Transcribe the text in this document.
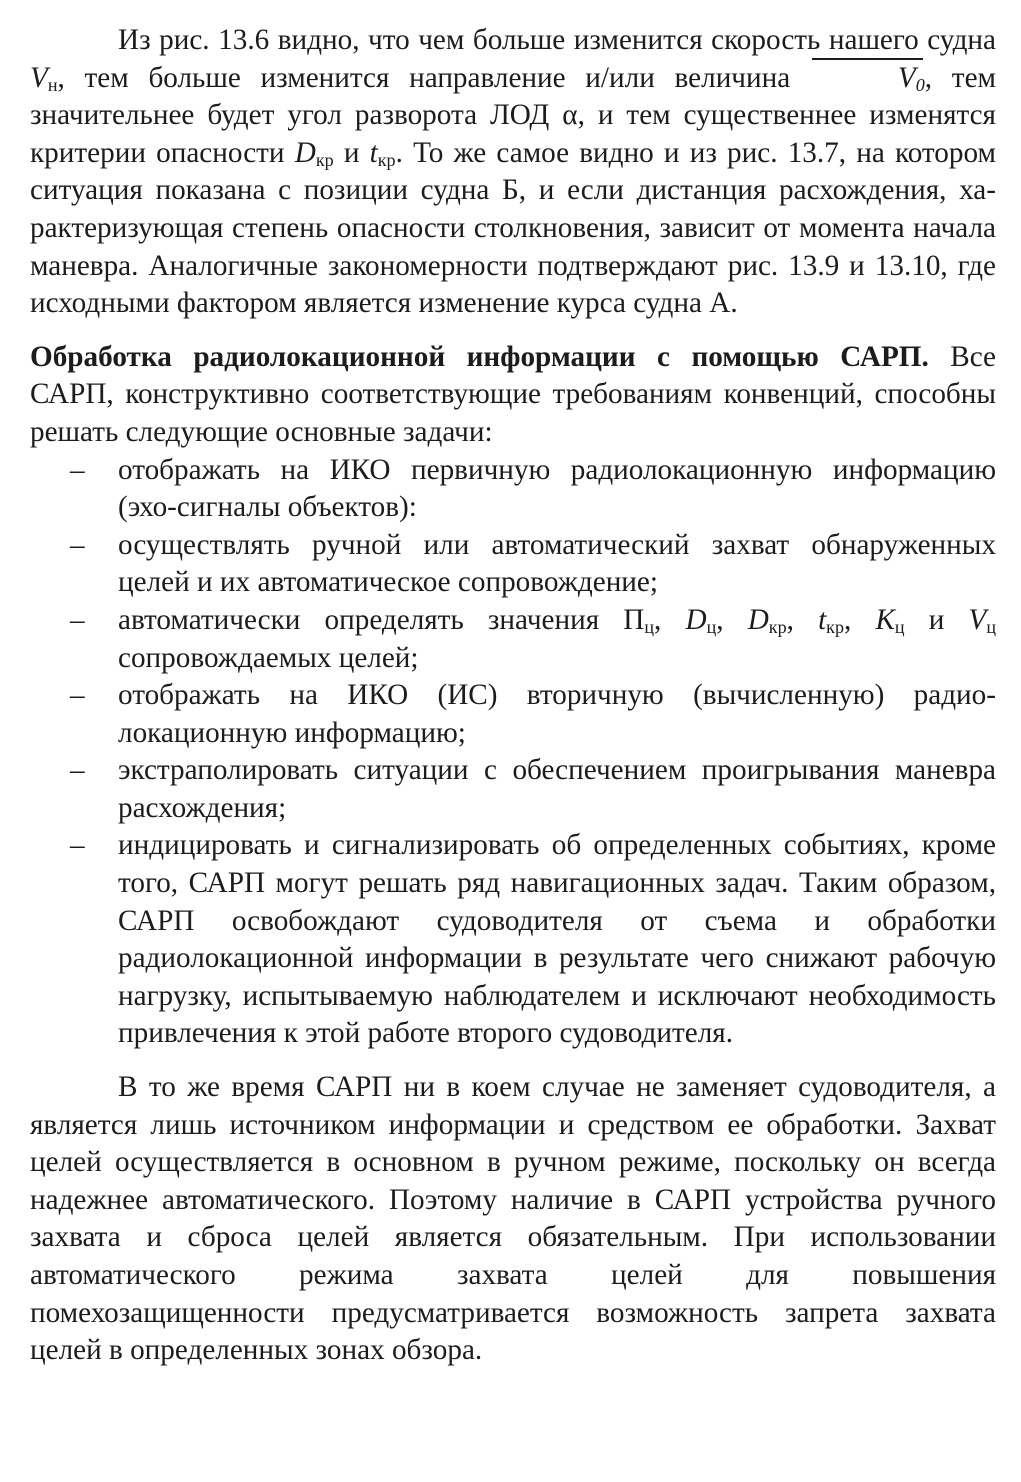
Из рис. 13.6 видно, что чем больше изменится скорость нашего судна $V_н$, тем больше изменится направление и/или величина	$V_0$, тем значительнее будет угол разворота ЛОД α, и тем существеннее изменятся критерии опасности $D_{кр}$ и $t_{кр}$. То же самое видно и из рис. 13.7, на котором ситуация показана с позиции судна Б, и если дистанция расхождения, характеризующая степень опасности столкновения, зависит от момента начала маневра. Аналогичные закономерности подтверждают рис. 13.9 и 13.10, где исходными фактором является изменение курса судна А.

Обработка радиолокационной информации с помощью САРП. Все САРП, конструктивно соответствующие требованиям конвенций, способны решать следующие основные задачи:

– отображать на ИКО первичную радиолокационную информацию (эхо-сигналы объектов):
– осуществлять ручной или автоматический захват обнаруженных целей и их автоматическое сопровождение;
– автоматически определять значения $П_ц$, $D_ц$, $D_{кр}$, $t_{кр}$, $K_ц$ и $V_ц$ сопровождаемых целей;
– отображать на ИКО (ИС) вторичную (вычисленную) радиолокационную информацию;
– экстраполировать ситуации с обеспечением проигрывания маневра расхождения;
– индицировать и сигнализировать об определенных событиях, кроме того, САРП могут решать ряд навигационных задач. Таким образом, САРП освобождают судоводителя от съема и обработки радиолокационной информации в результате чего снижают рабочую нагрузку, испытываемую наблюдателем и исключают необходимость привлечения к этой работе второго судоводителя.

В то же время САРП ни в коем случае не заменяет судоводителя, а является лишь источником информации и средством ее обработки. Захват целей осуществляется в основном в ручном режиме, поскольку он всегда надежнее автоматического. Поэтому наличие в САРП устройства ручного захвата и сброса целей является обязательным. При использовании автоматического режима захвата целей для повышения помехозащищенности предусматривается возможность запрета захвата целей в определенных зонах обзора.
